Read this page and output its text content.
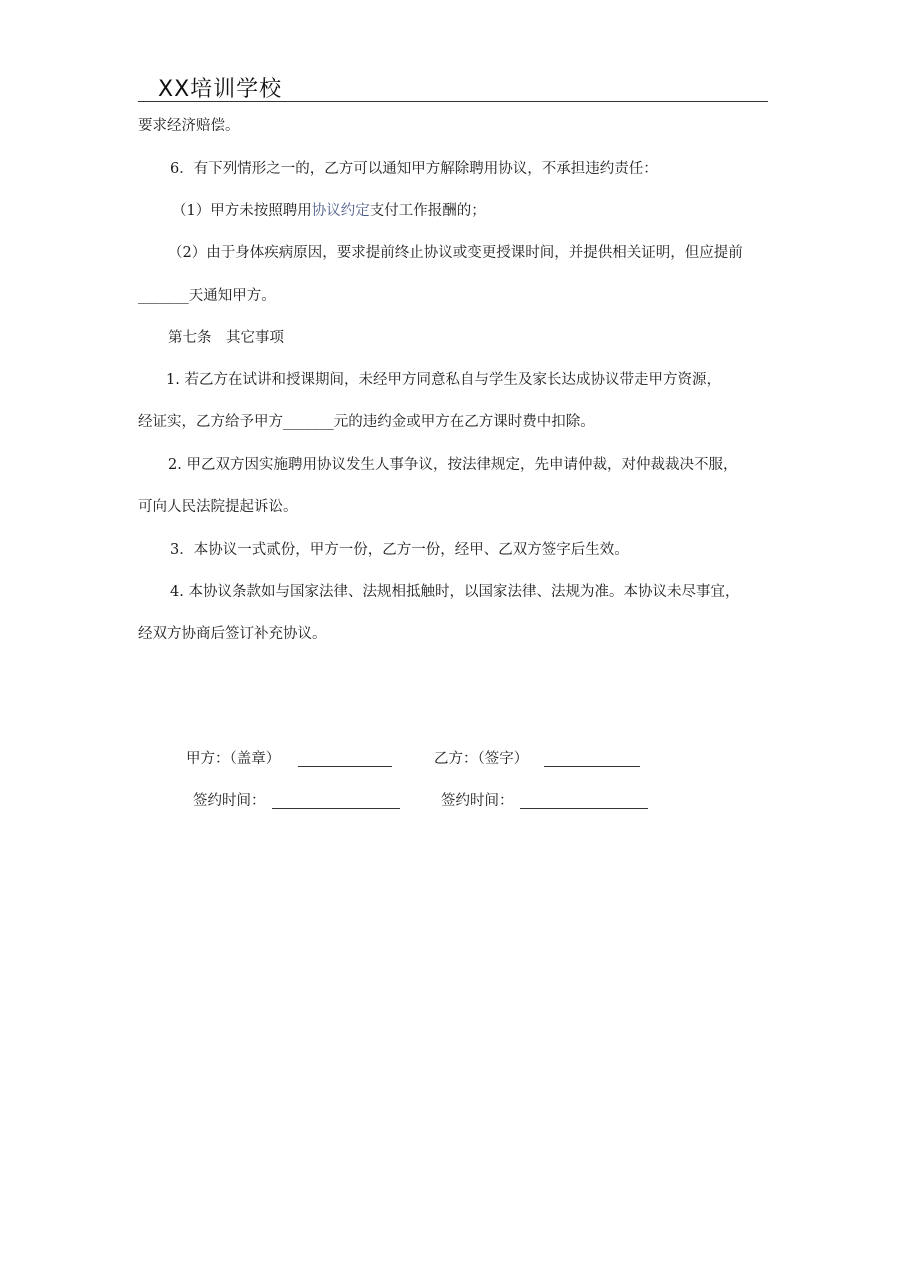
XX培训学校
要求经济赔偿。
6．有下列情形之一的，乙方可以通知甲方解除聘用协议，不承担违约责任：
（1）甲方未按照聘用协议约定支付工作报酬的；
（2）由于身体疾病原因，要求提前终止协议或变更授课时间，并提供相关证明，但应提前
_______天通知甲方。
第七条　其它事项
1. 若乙方在试讲和授课期间，未经甲方同意私自与学生及家长达成协议带走甲方资源，
经证实，乙方给予甲方_______元的违约金或甲方在乙方课时费中扣除。
2. 甲乙双方因实施聘用协议发生人事争议，按法律规定，先申请仲裁，对仲裁裁决不服，
可向人民法院提起诉讼。
3．本协议一式贰份，甲方一份，乙方一份，经甲、乙双方签字后生效。
4. 本协议条款如与国家法律、法规相抵触时，以国家法律、法规为准。本协议未尽事宜，
经双方协商后签订补充协议。
甲方：（盖章）	乙方：（签字）
签约时间：	签约时间：
